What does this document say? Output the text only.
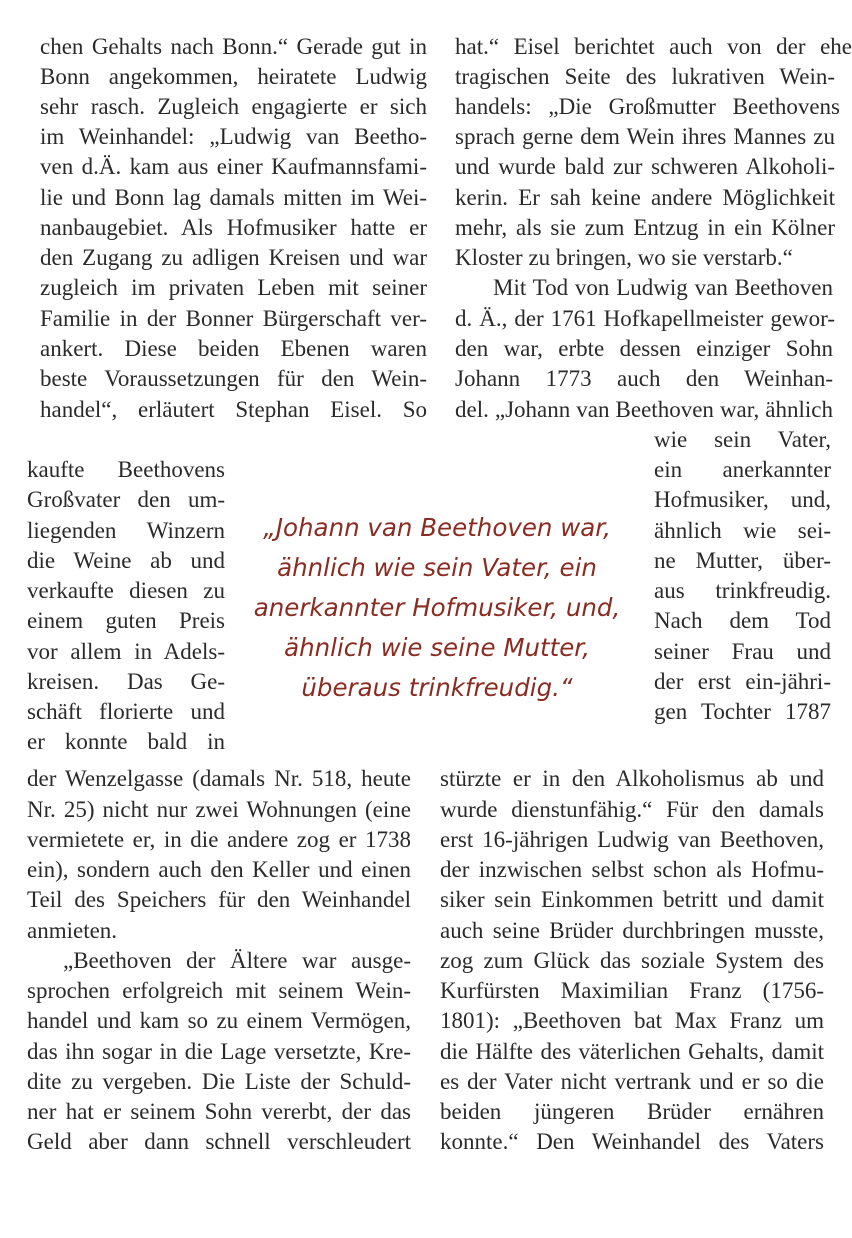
chen Gehalts nach Bonn.“ Gerade gut in

Bonn angekommen, heiratete Ludwig

sehr rasch. Zugleich engagierte er sich

im Weinhandel: „Ludwig van Beetho-

ven d.Ä. kam aus einer Kaufmannsfami-

lie und Bonn lag damals mitten im Wei-

nanbaugebiet. Als Hofmusiker hatte er

den Zugang zu adligen Kreisen und war

zugleich im privaten Leben mit seiner

Familie in der Bonner Bürgerschaft ver-

ankert. Diese beiden Ebenen waren

beste Voraussetzungen für den Wein-

handel“, erläutert Stephan Eisel. So

kaufte Beethovens

Großvater den um-

liegenden Winzern

die Weine ab und

verkaufte diesen zu

einem guten Preis

vor allem in Adels-

kreisen. Das Ge-

schäft florierte und

er konnte bald in

der Wenzelgasse (damals Nr. 518, heute

Nr. 25) nicht nur zwei Wohnungen (eine

vermietete er, in die andere zog er 1738

ein), sondern auch den Keller und einen

Teil des Speichers für den Weinhandel

anmieten.

„Beethoven der Ältere war ausge-

sprochen erfolgreich mit seinem Wein-

handel und kam so zu einem Vermögen,

das ihn sogar in die Lage versetzte, Kre-

dite zu vergeben. Die Liste der Schuld-

ner hat er seinem Sohn vererbt, der das

Geld aber dann schnell verschleudert

hat.“ Eisel berichtet auch von der ehe

tragischen Seite des lukrativen Wein-

handels: „Die Großmutter Beethovens

sprach gerne dem Wein ihres Mannes zu

und wurde bald zur schweren Alkoholi-

kerin. Er sah keine andere Möglichkeit

mehr, als sie zum Entzug in ein Kölner

Kloster zu bringen, wo sie verstarb.“

Mit Tod von Ludwig van Beethoven

d. Ä., der 1761 Hofkapellmeister gewor-

den war, erbte dessen einziger Sohn

Johann 1773 auch den Weinhan-

del. „Johann van Beethoven war, ähnlich

wie sein Vater,

ein anerkannter

Hofmusiker, und,

ähnlich wie sei-

ne Mutter, über-

aus trinkfreudig.

Nach dem Tod

seiner Frau und

der erst ein-jähri-

gen Tochter 1787

stürzte er in den Alkoholismus ab und

wurde dienstunfähig.“ Für den damals

erst 16-jährigen Ludwig van Beethoven,

der inzwischen selbst schon als Hofmu-

siker sein Einkommen betritt und damit

auch seine Brüder durchbringen musste,

zog zum Glück das soziale System des

Kurfürsten Maximilian Franz (1756-

1801): „Beethoven bat Max Franz um

die Hälfte des väterlichen Gehalts, damit

es der Vater nicht vertrank und er so die

beiden jüngeren Brüder ernähren

konnte.“ Den Weinhandel des Vaters

„Johann van Beethoven war,
ähnlich wie sein Vater, ein
anerkannter Hofmusiker, und,
ähnlich wie seine Mutter,
überaus trinkfreudig.“
